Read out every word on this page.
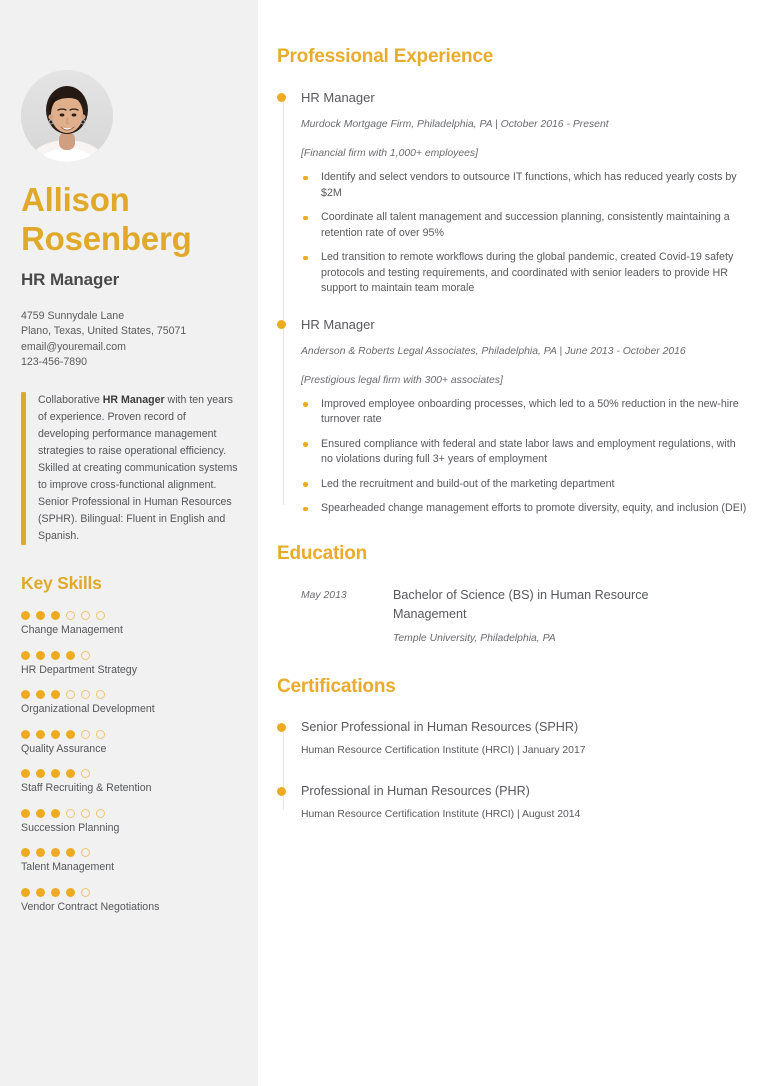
Allison
Rosenberg
HR Manager
4759 Sunnydale Lane
Plano, Texas, United States, 75071
email@youremail.com
123-456-7890
Collaborative HR Manager with ten years of experience. Proven record of developing performance management strategies to raise operational efficiency. Skilled at creating communication systems to improve cross-functional alignment. Senior Professional in Human Resources (SPHR). Bilingual: Fluent in English and Spanish.
Key Skills
Change Management
HR Department Strategy
Organizational Development
Quality Assurance
Staff Recruiting & Retention
Succession Planning
Talent Management
Vendor Contract Negotiations
Professional Experience
HR Manager
Murdock Mortgage Firm, Philadelphia, PA | October 2016 - Present
[Financial firm with 1,000+ employees]
Identify and select vendors to outsource IT functions, which has reduced yearly costs by $2M
Coordinate all talent management and succession planning, consistently maintaining a retention rate of over 95%
Led transition to remote workflows during the global pandemic, created Covid-19 safety protocols and testing requirements, and coordinated with senior leaders to provide HR support to maintain team morale
HR Manager
Anderson & Roberts Legal Associates, Philadelphia, PA | June 2013 - October 2016
[Prestigious legal firm with 300+ associates]
Improved employee onboarding processes, which led to a 50% reduction in the new-hire turnover rate
Ensured compliance with federal and state labor laws and employment regulations, with no violations during full 3+ years of employment
Led the recruitment and build-out of the marketing department
Spearheaded change management efforts to promote diversity, equity, and inclusion (DEI)
Education
May 2013	Bachelor of Science (BS) in Human Resource Management
Temple University, Philadelphia, PA
Certifications
Senior Professional in Human Resources (SPHR)
Human Resource Certification Institute (HRCI) | January 2017
Professional in Human Resources (PHR)
Human Resource Certification Institute (HRCI) | August 2014
